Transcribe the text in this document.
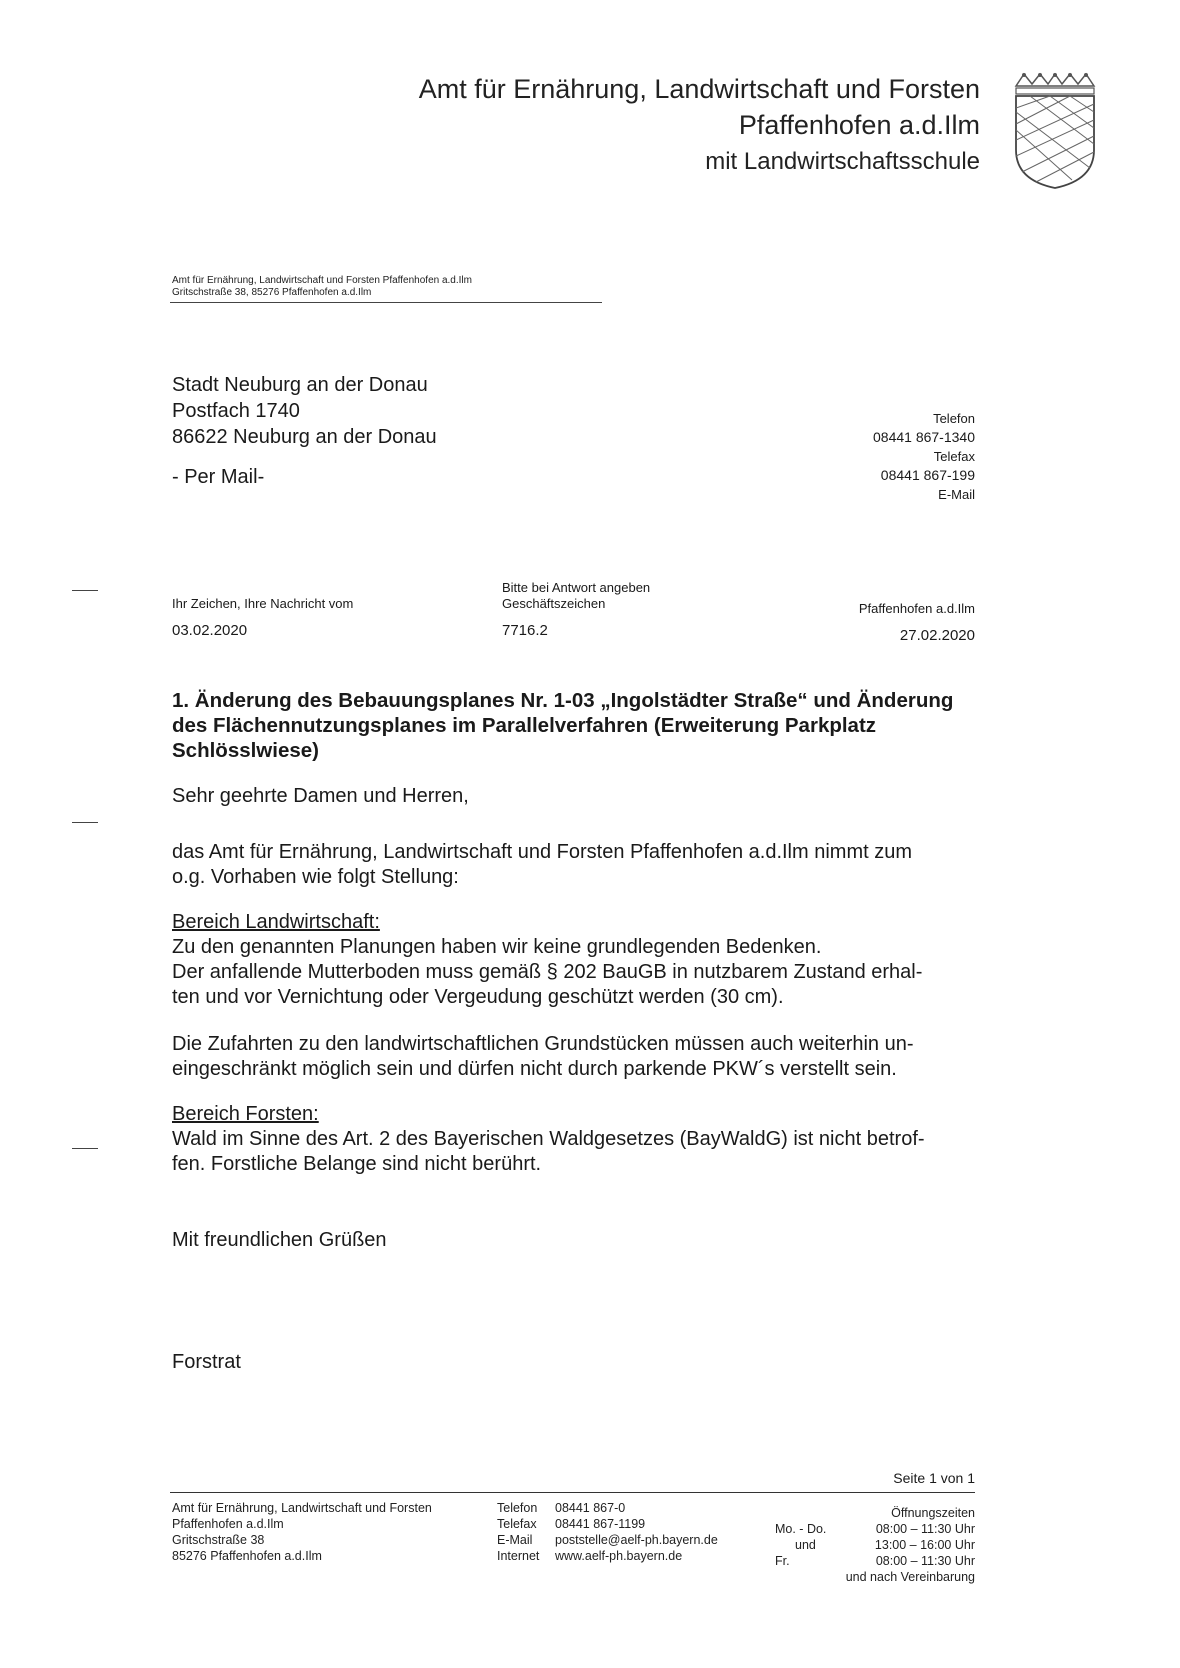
Amt für Ernährung, Landwirtschaft und Forsten
Pfaffenhofen a.d.Ilm
mit Landwirtschaftsschule
Amt für Ernährung, Landwirtschaft und Forsten Pfaffenhofen a.d.Ilm
Gritschstraße 38, 85276 Pfaffenhofen a.d.Ilm
Stadt Neuburg an der Donau
Postfach 1740
86622 Neuburg an der Donau
- Per Mail-
Telefon
08441 867-1340
Telefax
08441 867-199
E-Mail
Ihr Zeichen, Ihre Nachricht vom
03.02.2020
Bitte bei Antwort angeben
Geschäftszeichen
7716.2
Pfaffenhofen a.d.Ilm
27.02.2020
1. Änderung des Bebauungsplanes Nr. 1-03 „Ingolstädter Straße“ und Änderung
des Flächennutzungsplanes im Parallelverfahren (Erweiterung Parkplatz
Schlösslwiese)
Sehr geehrte Damen und Herren,
das Amt für Ernährung, Landwirtschaft und Forsten Pfaffenhofen a.d.Ilm nimmt zum
o.g. Vorhaben wie folgt Stellung:
Bereich Landwirtschaft:
Zu den genannten Planungen haben wir keine grundlegenden Bedenken.
Der anfallende Mutterboden muss gemäß § 202 BauGB in nutzbarem Zustand erhal-
ten und vor Vernichtung oder Vergeudung geschützt werden (30 cm).
Die Zufahrten zu den landwirtschaftlichen Grundstücken müssen auch weiterhin un-
eingeschränkt möglich sein und dürfen nicht durch parkende PKW´s verstellt sein.
Bereich Forsten:
Wald im Sinne des Art. 2 des Bayerischen Waldgesetzes (BayWaldG) ist nicht betrof-
fen. Forstliche Belange sind nicht berührt.
Mit freundlichen Grüßen
Forstrat
Seite 1 von 1
Amt für Ernährung, Landwirtschaft und Forsten
Pfaffenhofen a.d.Ilm
Gritschstraße 38
85276 Pfaffenhofen a.d.Ilm
Telefon 08441 867-0
Telefax 08441 867-1199
E-Mail poststelle@aelf-ph.bayern.de
Internet www.aelf-ph.bayern.de
Öffnungszeiten
Mo. - Do.	08:00 – 11:30 Uhr
und	13:00 – 16:00 Uhr
Fr.	08:00 – 11:30 Uhr
und nach Vereinbarung
